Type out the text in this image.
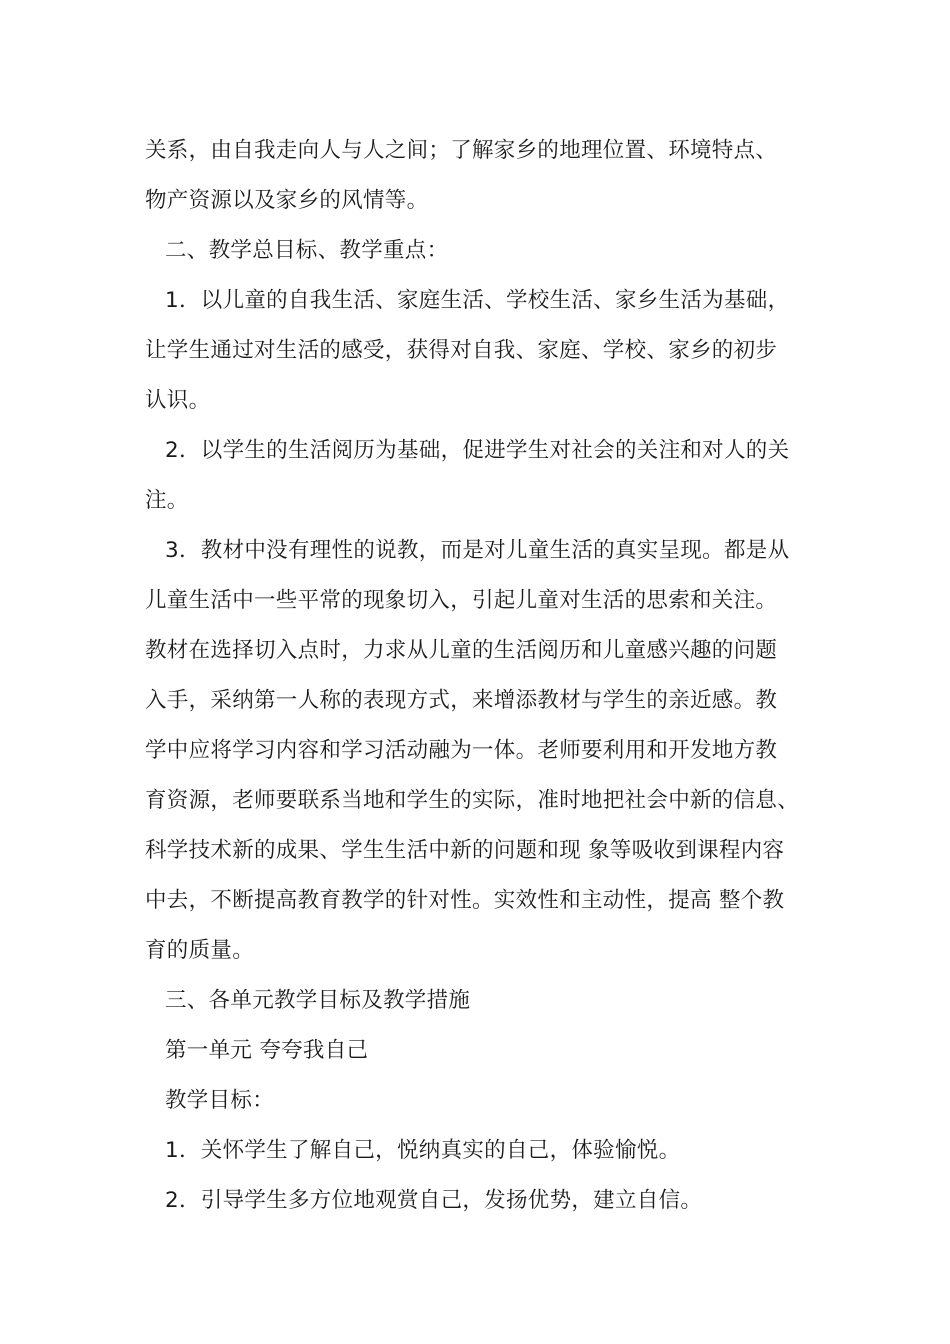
关系，由自我走向人与人之间；了解家乡的地理位置、环境特点、
物产资源以及家乡的风情等。
二、教学总目标、教学重点：
1．以儿童的自我生活、家庭生活、学校生活、家乡生活为基础，
让学生通过对生活的感受，获得对自我、家庭、学校、家乡的初步
认识。
2．以学生的生活阅历为基础，促进学生对社会的关注和对人的关
注。
3．教材中没有理性的说教，而是对儿童生活的真实呈现。都是从
儿童生活中一些平常的现象切入，引起儿童对生活的思索和关注。
教材在选择切入点时，力求从儿童的生活阅历和儿童感兴趣的问题
入手，采纳第一人称的表现方式，来增添教材与学生的亲近感。教
学中应将学习内容和学习活动融为一体。老师要利用和开发地方教
育资源，老师要联系当地和学生的实际，准时地把社会中新的信息、
科学技术新的成果、学生生活中新的问题和现 象等吸收到课程内容
中去，不断提高教育教学的针对性。实效性和主动性，提高 整个教
育的质量。
三、各单元教学目标及教学措施
第一单元 夸夸我自己
教学目标：
1．关怀学生了解自己，悦纳真实的自己，体验愉悦。
2．引导学生多方位地观赏自己，发扬优势，建立自信。
